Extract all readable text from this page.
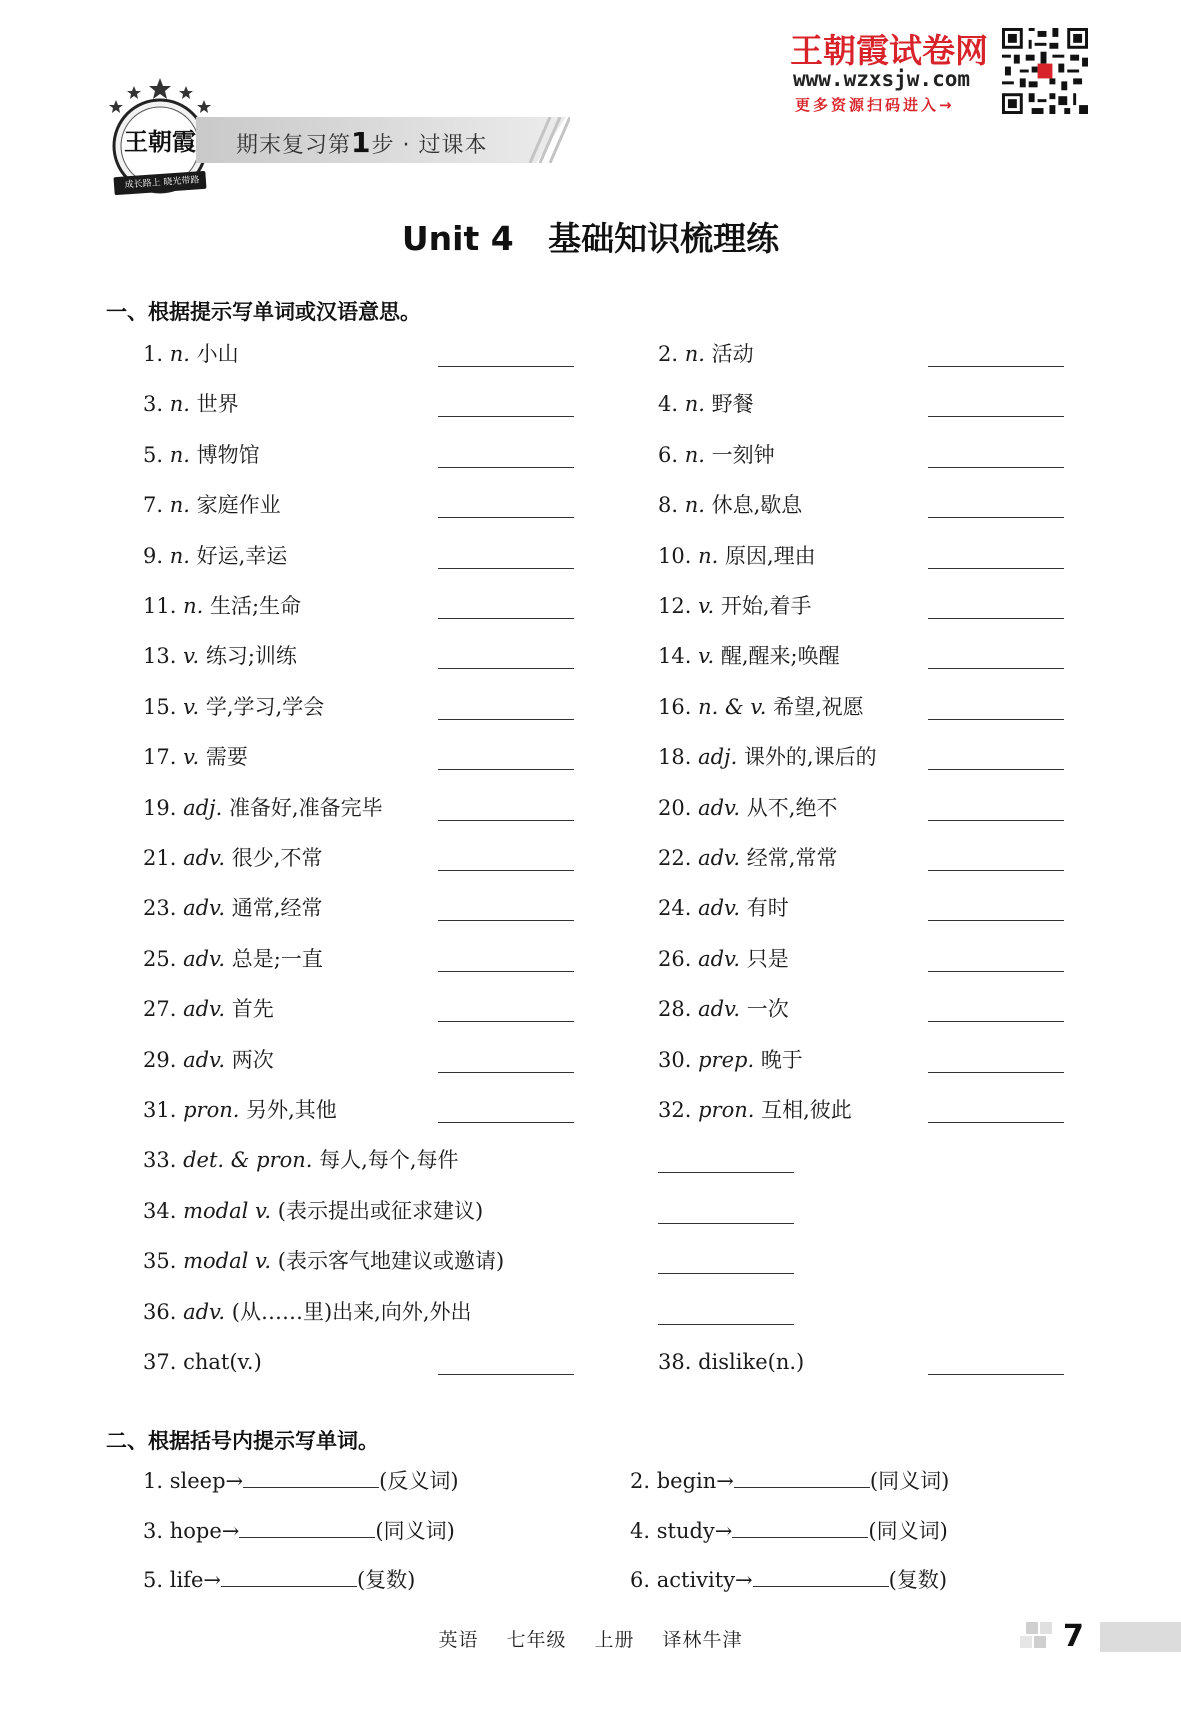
王朝霞
成长路上 晓光带路
期末复习第1步 · 过课本
王朝霞试卷网
www.wzxsjw.com
更多资源扫码进入→
Unit 4   基础知识梳理练
一、根据提示写单词或汉语意思。
二、根据括号内提示写单词。
英语 七年级 上册 译林牛津	7
1. n. 小山	2. n. 活动
3. n. 世界	4. n. 野餐
5. n. 博物馆	6. n. 一刻钟
7. n. 家庭作业	8. n. 休息,歇息
9. n. 好运,幸运	10. n. 原因,理由
11. n. 生活;生命	12. v. 开始,着手
13. v. 练习;训练	14. v. 醒,醒来;唤醒
15. v. 学,学习,学会	16. n. & v. 希望,祝愿
17. v. 需要	18. adj. 课外的,课后的
19. adj. 准备好,准备完毕	20. adv. 从不,绝不
21. adv. 很少,不常	22. adv. 经常,常常
23. adv. 通常,经常	24. adv. 有时
25. adv. 总是;一直	26. adv. 只是
27. adv. 首先	28. adv. 一次
29. adv. 两次	30. prep. 晚于
31. pron. 另外,其他	32. pron. 互相,彼此
33. det. & pron. 每人,每个,每件
34. modal v. (表示提出或征求建议)
35. modal v. (表示客气地建议或邀请)
36. adv. (从……里)出来,向外,外出
37. chat(v.)	38. dislike(n.)
1. sleep→	(反义词)	2. begin→	(同义词)
3. hope→	(同义词)	4. study→	(同义词)
5. life→	(复数)	6. activity→	(复数)
